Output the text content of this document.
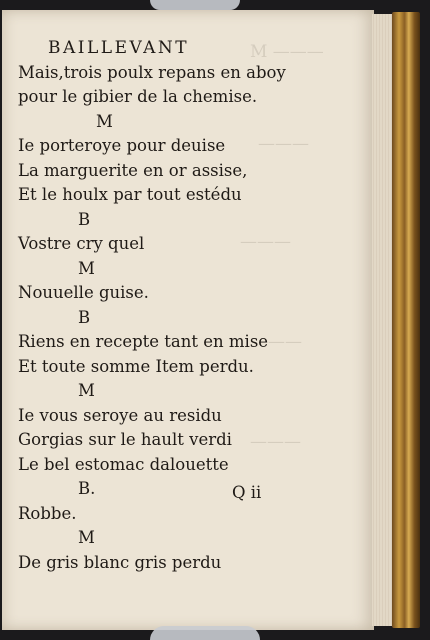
M ———
———
———
——
———
BAILLEVANT
Mais,trois poulx repans en aboy
pour le gibier de la chemise.
M
Ie porteroye pour deuise
La marguerite en or assise,
Et le houlx par tout estédu
B
Vostre cry quel
M
Nouuelle guise.
B
Riens en recepte tant en mise
Et toute somme Item perdu.
M
Ie vous seroye au residu
Gorgias sur le hault verdi
Le bel estomac dalouette
B.
Robbe.
M
De gris blanc gris perdu
Q ii
